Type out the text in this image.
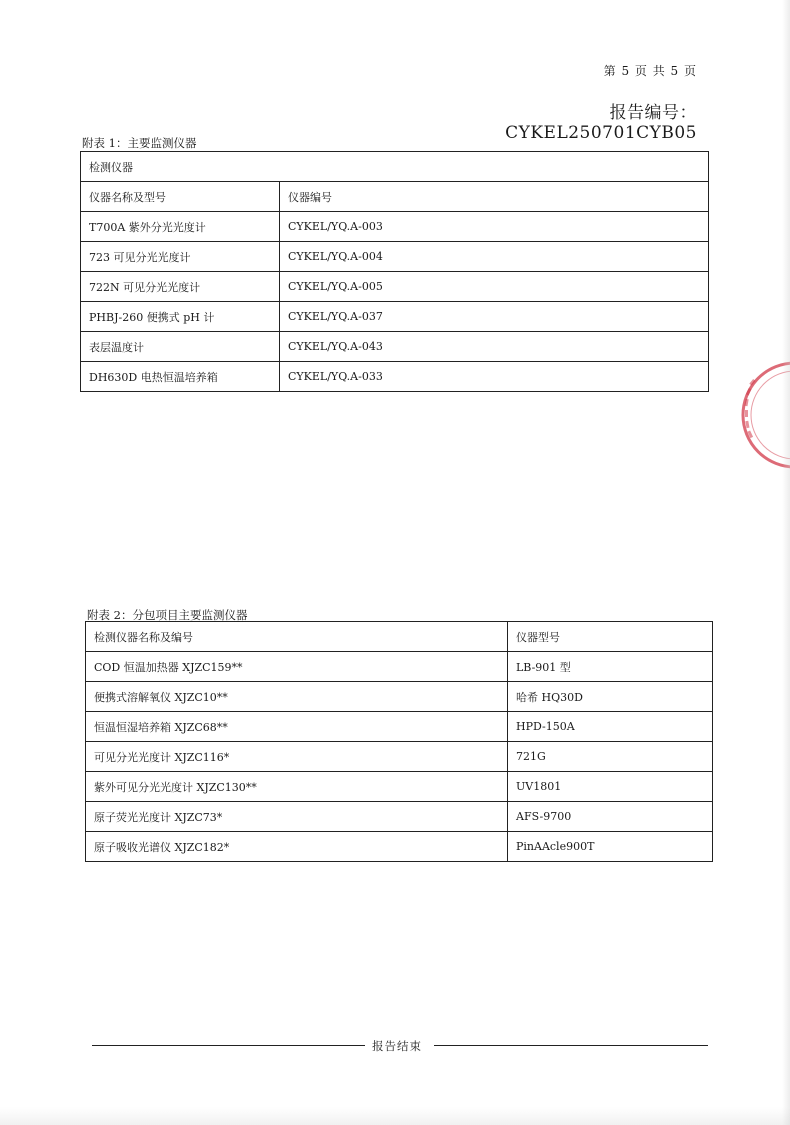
第 5 页 共 5 页
报告编号：CYKEL250701CYB05
附表 1：主要监测仪器
检测仪器	
仪器名称及型号	仪器编号
T700A 紫外分光光度计	CYKEL/YQ.A-003
723 可见分光光度计	CYKEL/YQ.A-004
722N 可见分光光度计	CYKEL/YQ.A-005
PHBJ-260 便携式 pH 计	CYKEL/YQ.A-037
表层温度计	CYKEL/YQ.A-043
DH630D 电热恒温培养箱	CYKEL/YQ.A-033
附表 2：分包项目主要监测仪器
检测仪器名称及编号	仪器型号
COD 恒温加热器 XJZC159**	LB-901 型
便携式溶解氧仪 XJZC10**	哈希 HQ30D
恒温恒湿培养箱 XJZC68**	HPD-150A
可见分光光度计 XJZC116*	721G
紫外可见分光光度计 XJZC130**	UV1801
原子荧光光度计 XJZC73*	AFS-9700
原子吸收光谱仪 XJZC182*	PinAAcle900T
报告结束
